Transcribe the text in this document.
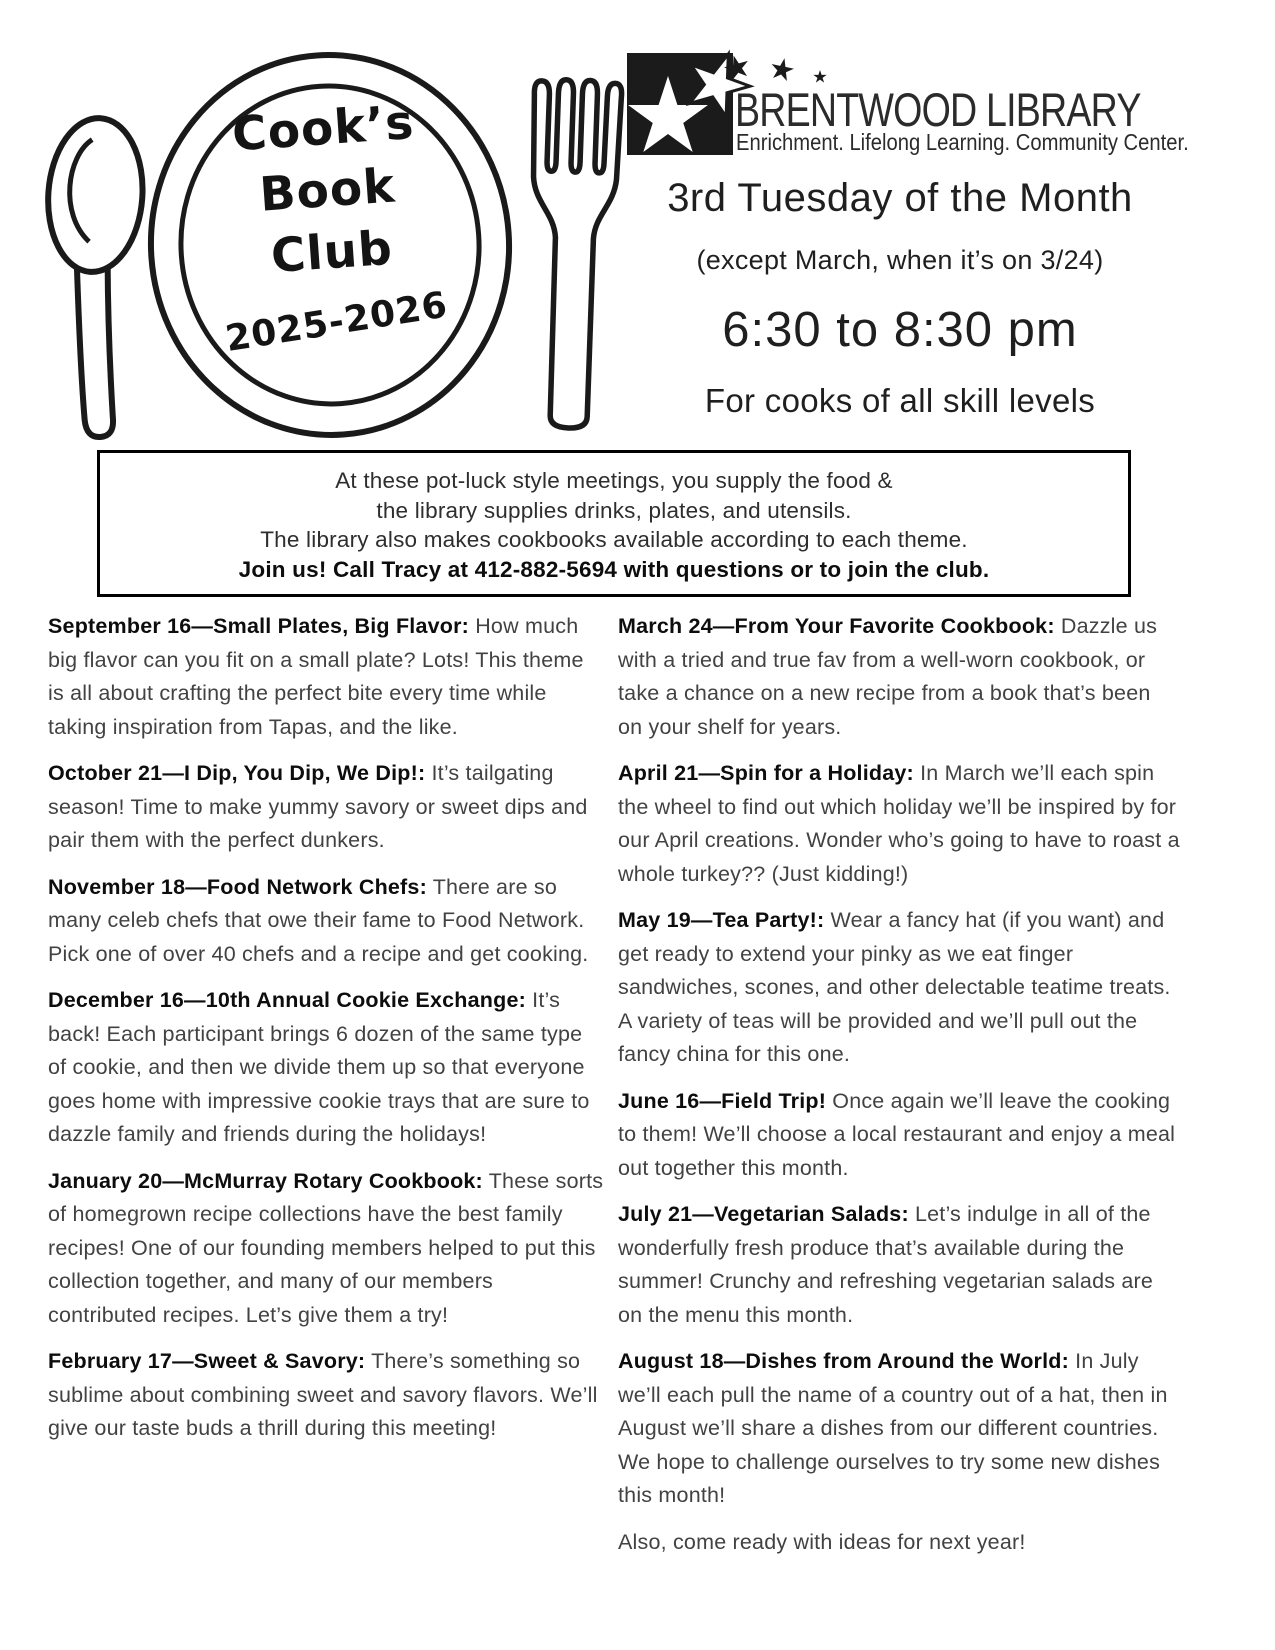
Cook’s
Book
Club
2025-2026
BRENTWOOD LIBRARY
Enrichment. Lifelong Learning. Community Center.
3rd Tuesday of the Month
(except March, when it’s on 3/24)
6:30 to 8:30 pm
For cooks of all skill levels
At these pot-luck style meetings, you supply the food &
the library supplies drinks, plates, and utensils.
The library also makes cookbooks available according to each theme.
Join us! Call Tracy at 412-882-5694 with questions or to join the club.

September 16—Small Plates, Big Flavor: How much big flavor can you fit on a small plate? Lots! This theme is all about crafting the perfect bite every time while taking inspiration from Tapas, and the like.

October 21—I Dip, You Dip, We Dip!: It’s tailgating season! Time to make yummy savory or sweet dips and pair them with the perfect dunkers.

November 18—Food Network Chefs: There are so many celeb chefs that owe their fame to Food Network. Pick one of over 40 chefs and a recipe and get cooking.

December 16—10th Annual Cookie Exchange: It’s back! Each participant brings 6 dozen of the same type of cookie, and then we divide them up so that everyone goes home with impressive cookie trays that are sure to dazzle family and friends during the holidays!

January 20—McMurray Rotary Cookbook: These sorts of homegrown recipe collections have the best family recipes! One of our founding members helped to put this collection together, and many of our members contributed recipes. Let’s give them a try!

February 17—Sweet & Savory: There’s something so sublime about combining sweet and savory flavors. We’ll give our taste buds a thrill during this meeting!

March 24—From Your Favorite Cookbook: Dazzle us with a tried and true fav from a well-worn cookbook, or take a chance on a new recipe from a book that’s been on your shelf for years.

April 21—Spin for a Holiday: In March we’ll each spin the wheel to find out which holiday we’ll be inspired by for our April creations. Wonder who’s going to have to roast a whole turkey?? (Just kidding!)

May 19—Tea Party!: Wear a fancy hat (if you want) and get ready to extend your pinky as we eat finger sandwiches, scones, and other delectable teatime treats. A variety of teas will be provided and we’ll pull out the fancy china for this one.

June 16—Field Trip! Once again we’ll leave the cooking to them! We’ll choose a local restaurant and enjoy a meal out together this month.

July 21—Vegetarian Salads: Let’s indulge in all of the wonderfully fresh produce that’s available during the summer! Crunchy and refreshing vegetarian salads are on the menu this month.

August 18—Dishes from Around the World: In July we’ll each pull the name of a country out of a hat, then in August we’ll share a dishes from our different countries. We hope to challenge ourselves to try some new dishes this month!

Also, come ready with ideas for next year!
